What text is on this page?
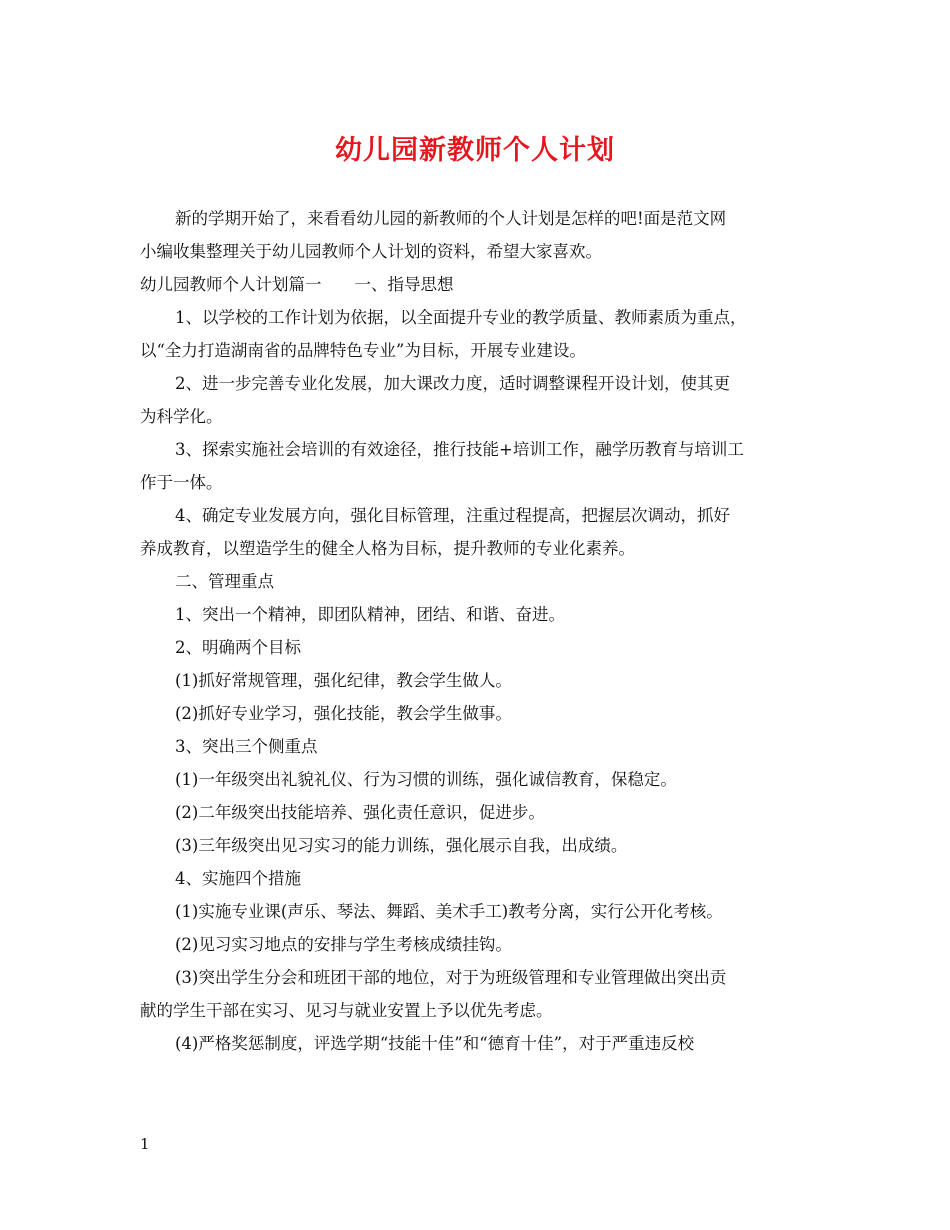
幼儿园新教师个人计划

新的学期开始了，来看看幼儿园的新教师的个人计划是怎样的吧!面是范文网

小编收集整理关于幼儿园教师个人计划的资料，希望大家喜欢。

幼儿园教师个人计划篇一　　一、指导思想

1、以学校的工作计划为依据，以全面提升专业的教学质量、教师素质为重点，

以“全力打造湖南省的品牌特色专业”为目标，开展专业建设。

2、进一步完善专业化发展，加大课改力度，适时调整课程开设计划，使其更

为科学化。

3、探索实施社会培训的有效途径，推行技能+培训工作，融学历教育与培训工

作于一体。

4、确定专业发展方向，强化目标管理，注重过程提高，把握层次调动，抓好

养成教育，以塑造学生的健全人格为目标，提升教师的专业化素养。

二、管理重点

1、突出一个精神，即团队精神，团结、和谐、奋进。

2、明确两个目标

(1)抓好常规管理，强化纪律，教会学生做人。

(2)抓好专业学习，强化技能，教会学生做事。

3、突出三个侧重点

(1)一年级突出礼貌礼仪、行为习惯的训练，强化诚信教育，保稳定。

(2)二年级突出技能培养、强化责任意识，促进步。

(3)三年级突出见习实习的能力训练，强化展示自我，出成绩。

4、实施四个措施

(1)实施专业课(声乐、琴法、舞蹈、美术手工)教考分离，实行公开化考核。

(2)见习实习地点的安排与学生考核成绩挂钩。

(3)突出学生分会和班团干部的地位，对于为班级管理和专业管理做出突出贡

献的学生干部在实习、见习与就业安置上予以优先考虑。

(4)严格奖惩制度，评选学期“技能十佳”和“德育十佳”，对于严重违反校

1
